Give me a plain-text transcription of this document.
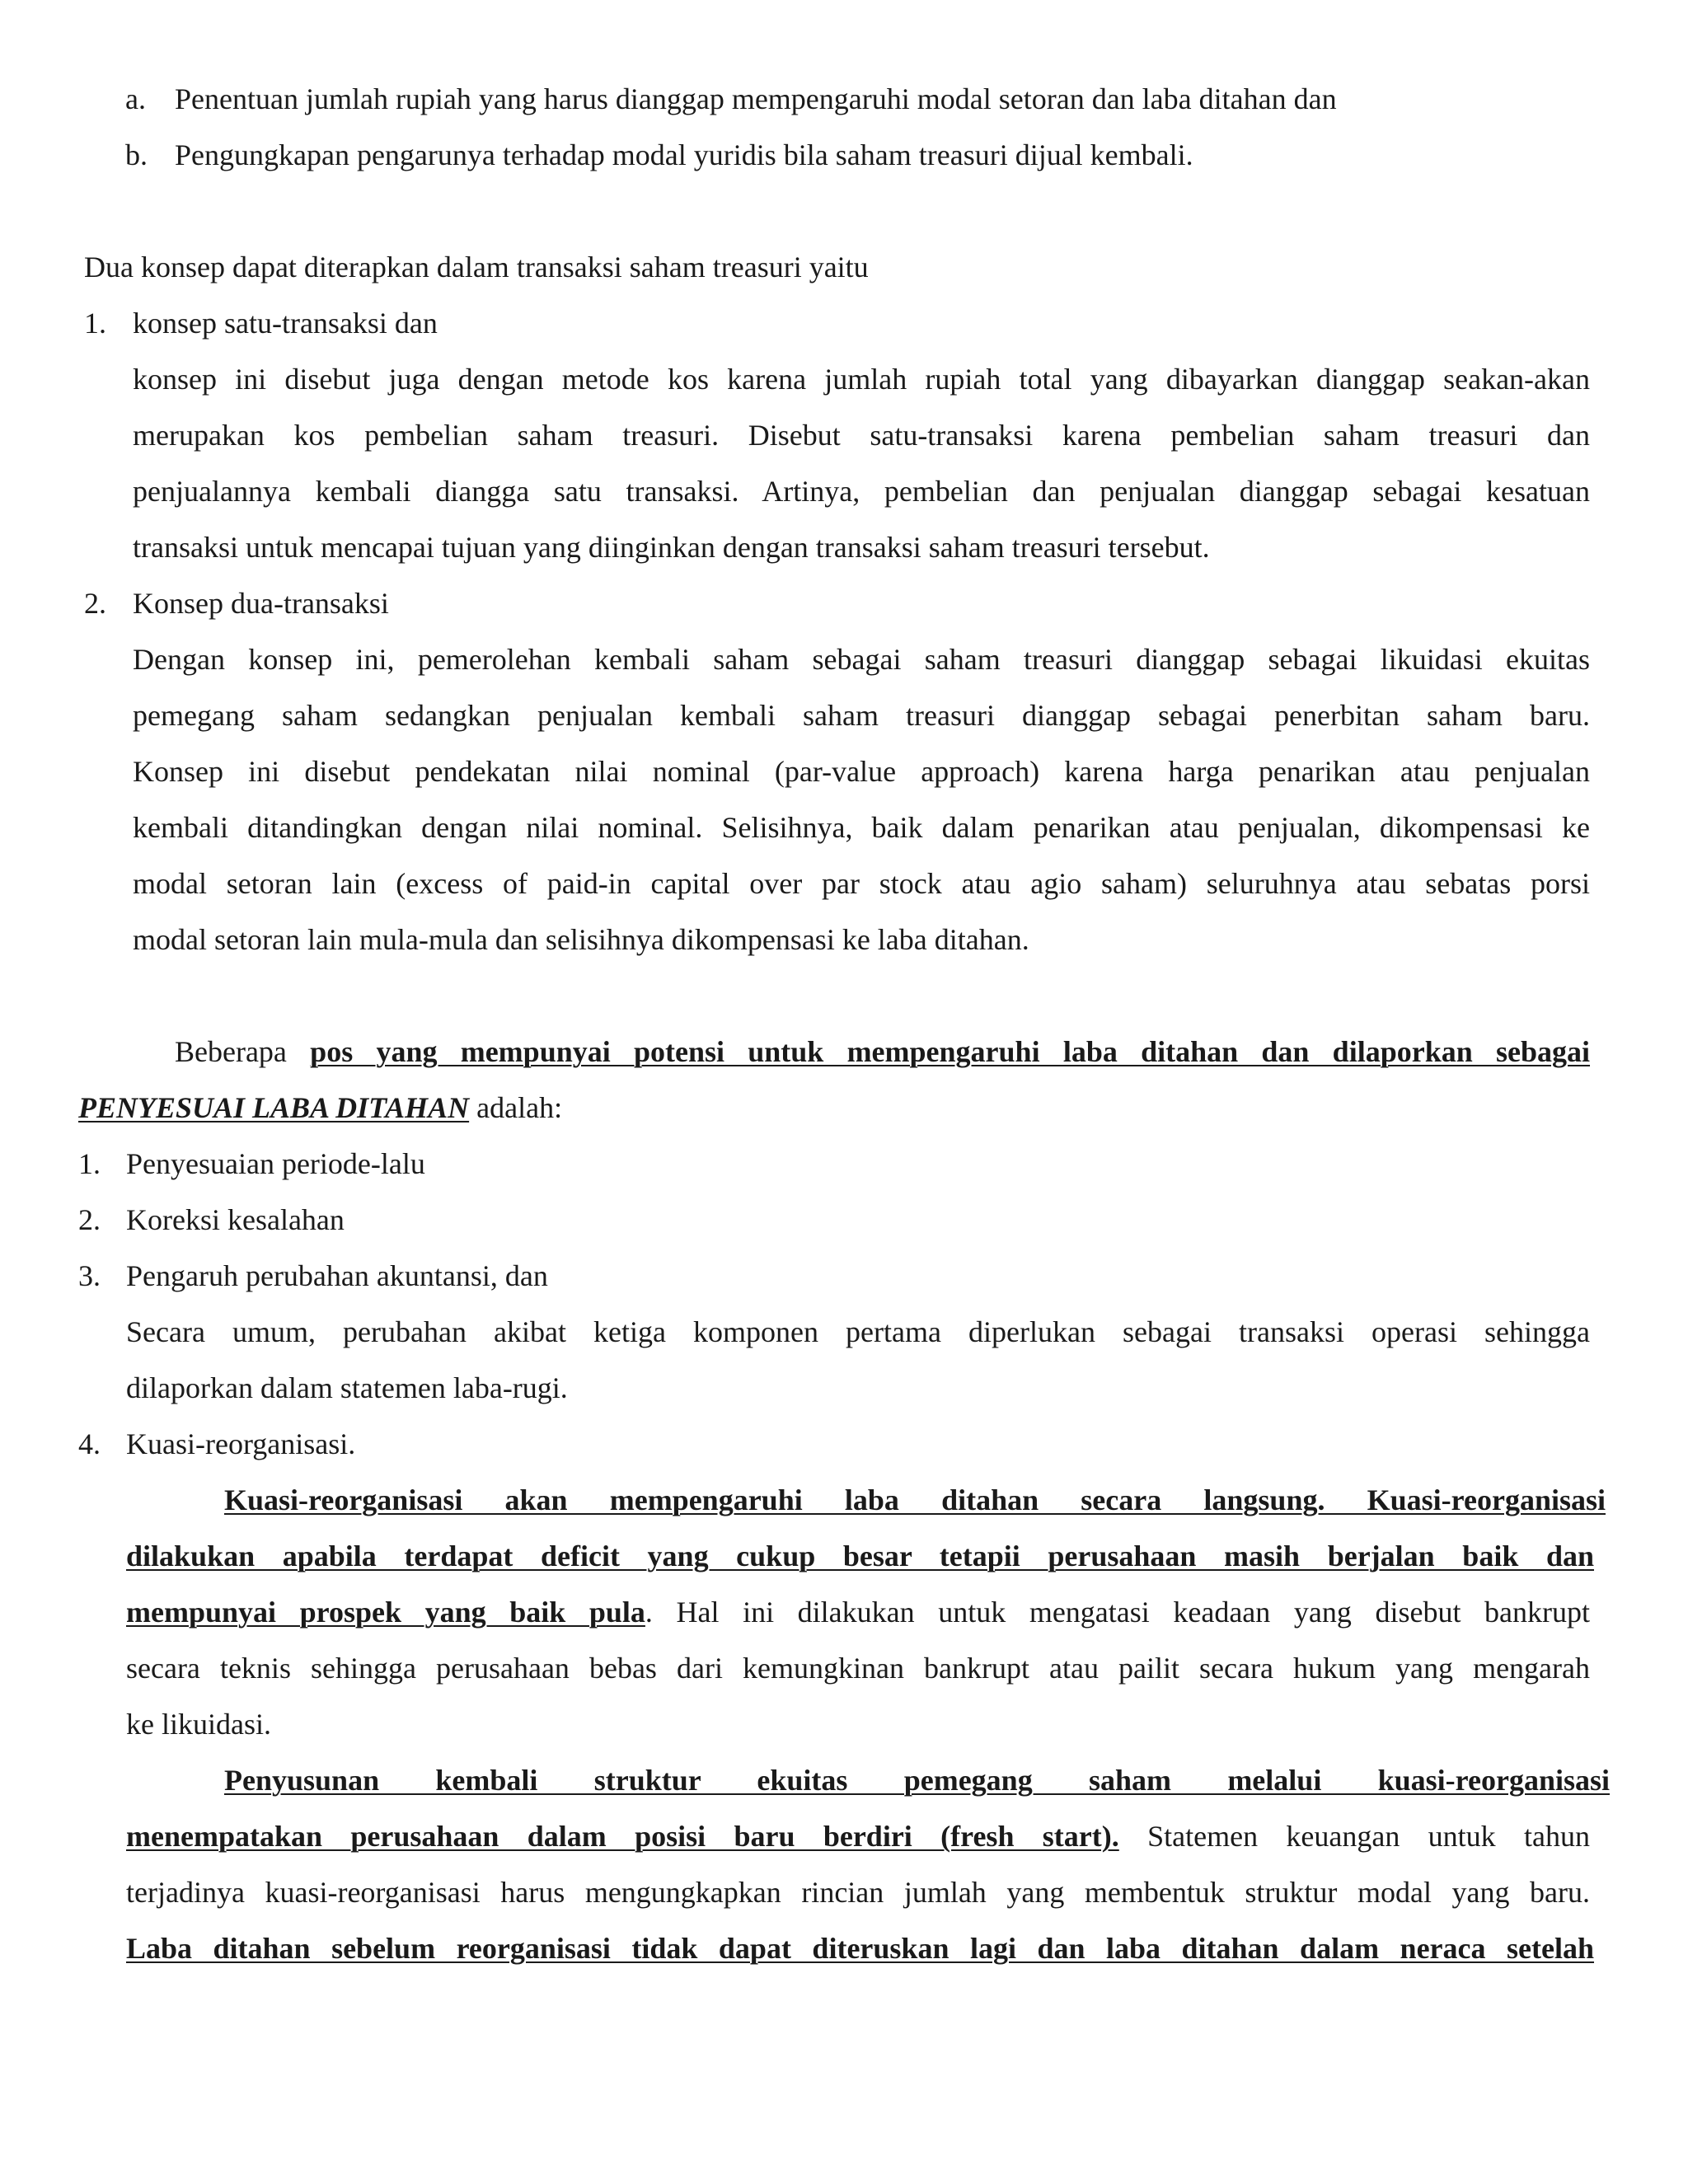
a. Penentuan jumlah rupiah yang harus dianggap mempengaruhi modal setoran dan laba ditahan dan
b. Pengungkapan pengarunya terhadap modal yuridis bila saham treasuri dijual kembali.
Dua konsep dapat diterapkan dalam transaksi saham treasuri yaitu
1. konsep satu-transaksi dan
konsep ini disebut juga dengan metode kos karena jumlah rupiah total yang dibayarkan dianggap seakan-akan
merupakan kos pembelian saham treasuri. Disebut satu-transaksi karena pembelian saham treasuri dan
penjualannya kembali diangga satu transaksi. Artinya, pembelian dan penjualan dianggap sebagai kesatuan
transaksi untuk mencapai tujuan yang diinginkan dengan transaksi saham treasuri tersebut.
2. Konsep dua-transaksi
Dengan konsep ini, pemerolehan kembali saham sebagai saham treasuri dianggap sebagai likuidasi ekuitas
pemegang saham sedangkan penjualan kembali saham treasuri dianggap sebagai penerbitan saham baru.
Konsep ini disebut pendekatan nilai nominal (par-value approach) karena harga penarikan atau penjualan
kembali ditandingkan dengan nilai nominal. Selisihnya, baik dalam penarikan atau penjualan, dikompensasi ke
modal setoran lain (excess of paid-in capital over par stock atau agio saham) seluruhnya atau sebatas porsi
modal setoran lain mula-mula dan selisihnya dikompensasi ke laba ditahan.
Beberapa pos yang mempunyai potensi untuk mempengaruhi laba ditahan dan dilaporkan sebagai
PENYESUAI LABA DITAHAN adalah:
1. Penyesuaian periode-lalu
2. Koreksi kesalahan
3. Pengaruh perubahan akuntansi, dan
Secara umum, perubahan akibat ketiga komponen pertama diperlukan sebagai transaksi operasi sehingga
dilaporkan dalam statemen laba-rugi.
4. Kuasi-reorganisasi.
Kuasi-reorganisasi akan mempengaruhi laba ditahan secara langsung. Kuasi-reorganisasi
dilakukan apabila terdapat deficit yang cukup besar tetapii perusahaan masih berjalan baik dan
mempunyai prospek yang baik pula. Hal ini dilakukan untuk mengatasi keadaan yang disebut bankrupt
secara teknis sehingga perusahaan bebas dari kemungkinan bankrupt atau pailit secara hukum yang mengarah
ke likuidasi.
Penyusunan kembali struktur ekuitas pemegang saham melalui kuasi-reorganisasi
menempatakan perusahaan dalam posisi baru berdiri (fresh start). Statemen keuangan untuk tahun
terjadinya kuasi-reorganisasi harus mengungkapkan rincian jumlah yang membentuk struktur modal yang baru.
Laba ditahan sebelum reorganisasi tidak dapat diteruskan lagi dan laba ditahan dalam neraca setelah
